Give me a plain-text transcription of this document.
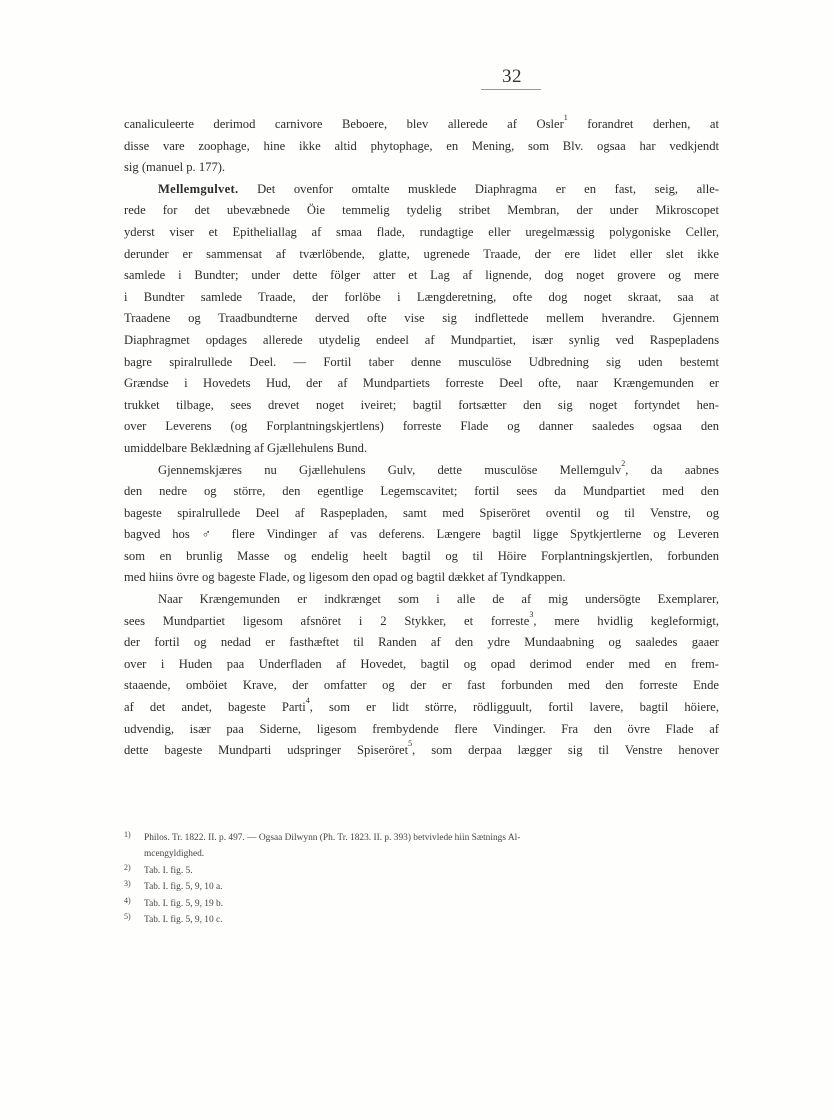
32
canaliculeerte derimod carnivore Beboere, blev allerede af Osler$^1$ forandret derhen, at
disse vare zoophage, hine ikke altid phytophage, en Mening, som Blv. ogsaa har vedkjendt
sig (manuel p. 177).
Mellemgulvet. Det ovenfor omtalte musklede Diaphragma er en fast, seig, alle-
rede for det ubevæbnede Öie temmelig tydelig stribet Membran, der under Mikroscopet
yderst viser et Epitheliallag af smaa flade, rundagtige eller uregelmæssig polygoniske Celler,
derunder er sammensat af tværlöbende, glatte, ugrenede Traade, der ere lidet eller slet ikke
samlede i Bundter; under dette fölger atter et Lag af lignende, dog noget grovere og mere
i Bundter samlede Traade, der forlöbe i Længderetning, ofte dog noget skraat, saa at
Traadene og Traadbundterne derved ofte vise sig indflettede mellem hverandre. Gjennem
Diaphragmet opdages allerede utydelig endeel af Mundpartiet, især synlig ved Raspepladens
bagre spiralrullede Deel. — Fortil taber denne musculöse Udbredning sig uden bestemt
Grændse i Hovedets Hud, der af Mundpartiets forreste Deel ofte, naar Krængemunden er
trukket tilbage, sees drevet noget iveiret; bagtil fortsætter den sig noget fortyndet hen-
over Leverens (og Forplantningskjertlens) forreste Flade og danner saaledes ogsaa den
umiddelbare Beklædning af Gjællehulens Bund.
Gjennemskjæres nu Gjællehulens Gulv, dette musculöse Mellemgulv$^2$, da aabnes
den nedre og större, den egentlige Legemscavitet; fortil sees da Mundpartiet med den
bageste spiralrullede Deel af Raspepladen, samt med Spiseröret oventil og til Venstre, og
bagved hos ♂ flere Vindinger af vas deferens. Længere bagtil ligge Spytkjertlerne og Leveren
som en brunlig Masse og endelig heelt bagtil og til Höire Forplantningskjertlen, forbunden
med hiins övre og bageste Flade, og ligesom den opad og bagtil dækket af Tyndkappen.
Naar Krængemunden er indkrænget som i alle de af mig undersögte Exemplarer,
sees Mundpartiet ligesom afsnöret i 2 Stykker, et forreste$^3$, mere hvidlig kegleformigt,
der fortil og nedad er fasthæftet til Randen af den ydre Mundaabning og saaledes gaaer
over i Huden paa Underfladen af Hovedet, bagtil og opad derimod ender med en frem-
staaende, omböiet Krave, der omfatter og der er fast forbunden med den forreste Ende
af det andet, bageste Parti$^4$, som er lidt större, rödligguult, fortil lavere, bagtil höiere,
udvendig, især paa Siderne, ligesom frembydende flere Vindinger. Fra den övre Flade af
dette bageste Mundparti udspringer Spiseröret$^5$, som derpaa lægger sig til Venstre henover
1) Philos. Tr. 1822. II. p. 497. — Ogsaa Dilwynn (Ph. Tr. 1823. II. p. 393) betvivlede hiin Sætnings Al-
mcengyldighed.
2) Tab. I. fig. 5.
3) Tab. I. fig. 5, 9, 10 a.
4) Tab. I. fig. 5, 9, 19 b.
5) Tab. I. fig. 5, 9, 10 c.
